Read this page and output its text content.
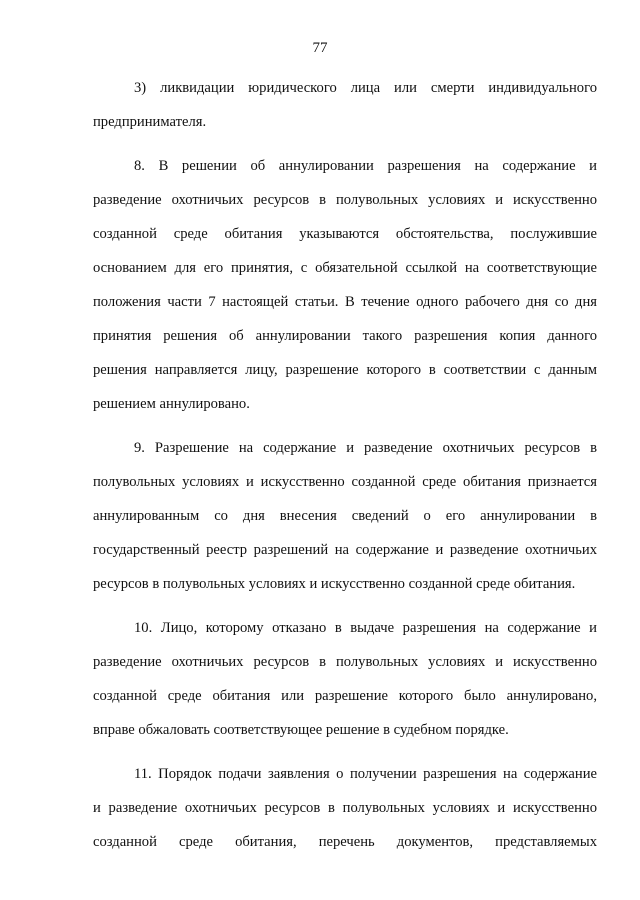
77
3) ликвидации юридического лица или смерти индивидуального
предпринимателя.
8. В решении об аннулировании разрешения на содержание и
разведение охотничьих ресурсов в полувольных условиях и искусственно
созданной среде обитания указываются обстоятельства, послужившие
основанием для его принятия, с обязательной ссылкой на соответствующие
положения части 7 настоящей статьи. В течение одного рабочего дня со дня
принятия решения об аннулировании такого разрешения копия данного
решения направляется лицу, разрешение которого в соответствии с данным
решением аннулировано.
9. Разрешение на содержание и разведение охотничьих ресурсов в
полувольных условиях и искусственно созданной среде обитания признается
аннулированным со дня внесения сведений о его аннулировании в
государственный реестр разрешений на содержание и разведение охотничьих
ресурсов в полувольных условиях и искусственно созданной среде обитания.
10. Лицо, которому отказано в выдаче разрешения на содержание и
разведение охотничьих ресурсов в полувольных условиях и искусственно
созданной среде обитания или разрешение которого было аннулировано,
вправе обжаловать соответствующее решение в судебном порядке.
11. Порядок подачи заявления о получении разрешения на содержание
и разведение охотничьих ресурсов в полувольных условиях и искусственно
созданной среде обитания, перечень документов, представляемых
